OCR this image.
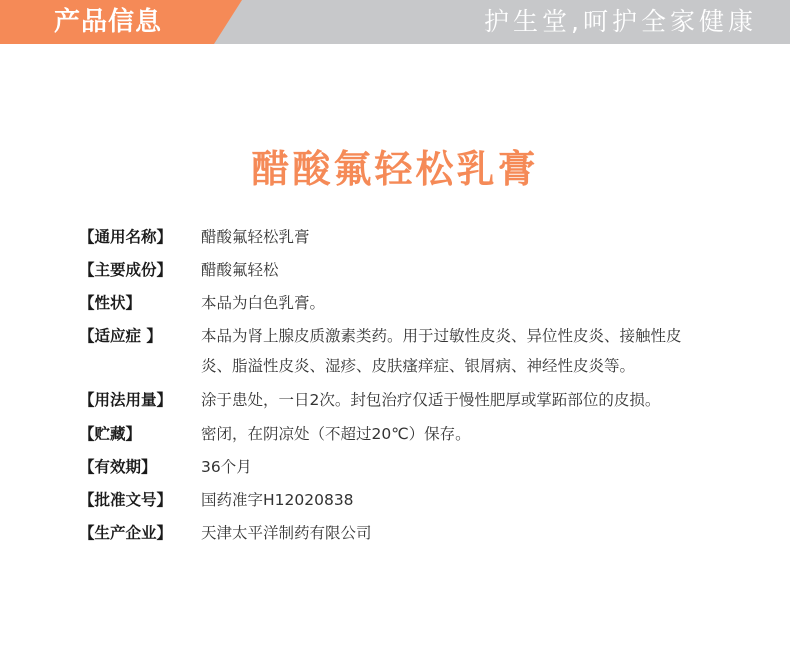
产品信息	护生堂,呵护全家健康
醋酸氟轻松乳膏
【通用名称】	醋酸氟轻松乳膏
【主要成份】	醋酸氟轻松
【性状】	本品为白色乳膏。
【适应症 】	本品为肾上腺皮质激素类药。用于过敏性皮炎、异位性皮炎、接触性皮炎、脂溢性皮炎、湿疹、皮肤瘙痒症、银屑病、神经性皮炎等。
【用法用量】	涂于患处，一日2次。封包治疗仅适于慢性肥厚或掌跖部位的皮损。
【贮藏】	密闭，在阴凉处（不超过20℃）保存。
【有效期】	36个月
【批准文号】	国药准字H12020838
【生产企业】	天津太平洋制药有限公司
